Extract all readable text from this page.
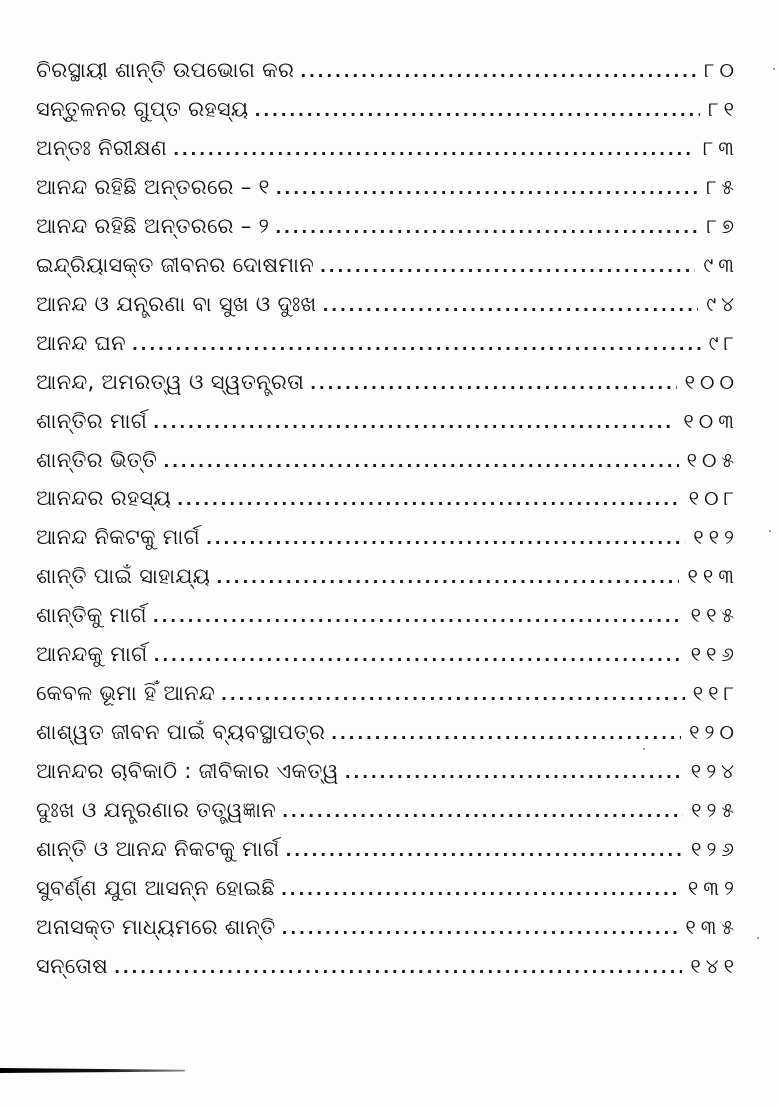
ଚିରସ୍ଥାୟୀ ଶାନ୍ତି ଉପଭୋଗ କର .....	୮୦
ସନ୍ତୁଳନର ଗୁପ୍ତ ରହସ୍ୟ .....	୮୧
ଅନ୍ତଃ ନିରୀକ୍ଷଣ .....	୮୩
ଆନନ୍ଦ ରହିଛି ଅନ୍ତରରେ – ୧ .....	୮୫
ଆନନ୍ଦ ରହିଛି ଅନ୍ତରରେ – ୨ .....	୮୭
ଇନ୍ଦ୍ରିୟାସକ୍ତ ଜୀବନର ଦୋଷମାନ .....	୯୩
ଆନନ୍ଦ ଓ ଯନ୍ତ୍ରଣା ବା ସୁଖ ଓ ଦୁଃଖ .....	୯୪
ଆନନ୍ଦ ଘନ .....	୯୮
ଆନନ୍ଦ, ଅମରତ୍ୱ ଓ ସ୍ୱତନ୍ତ୍ରତା .....	୧୦୦
ଶାନ୍ତିର ମାର୍ଗ .....	୧୦୩
ଶାନ୍ତିର ଭିତ୍ତି .....	୧୦୫
ଆନନ୍ଦର ରହସ୍ୟ .....	୧୦୮
ଆନନ୍ଦ ନିକଟକୁ ମାର୍ଗ .....	୧୧୨
ଶାନ୍ତି ପାଇଁ ସାହାଯ୍ୟ .....	୧୧୩
ଶାନ୍ତିକୁ ମାର୍ଗ .....	୧୧୫
ଆନନ୍ଦକୁ ମାର୍ଗ .....	୧୧୬
କେବଳ ଭୂମା ହିଁ ଆନନ୍ଦ .....	୧୧୮
ଶାଶ୍ୱତ ଜୀବନ ପାଇଁ ବ୍ୟବସ୍ଥାପତ୍ର .....	୧୨୦
ଆନନ୍ଦର ଚାବିକାଠି : ଜୀବିକାର ଏକତ୍ୱ .....	୧୨୪
ଦୁଃଖ ଓ ଯନ୍ତ୍ରଣାର ତତ୍ତ୍ୱଜ୍ଞାନ .....	୧୨୫
ଶାନ୍ତି ଓ ଆନନ୍ଦ ନିକଟକୁ ମାର୍ଗ .....	୧୨୬
ସୁବର୍ଣ୍ଣ ଯୁଗ ଆସନ୍ନ ହୋଇଛି .....	୧୩୨
ଅନାସକ୍ତ ମାଧ୍ୟମରେ ଶାନ୍ତି .....	୧୩୫
ସନ୍ତୋଷ .....	୧୪୧
